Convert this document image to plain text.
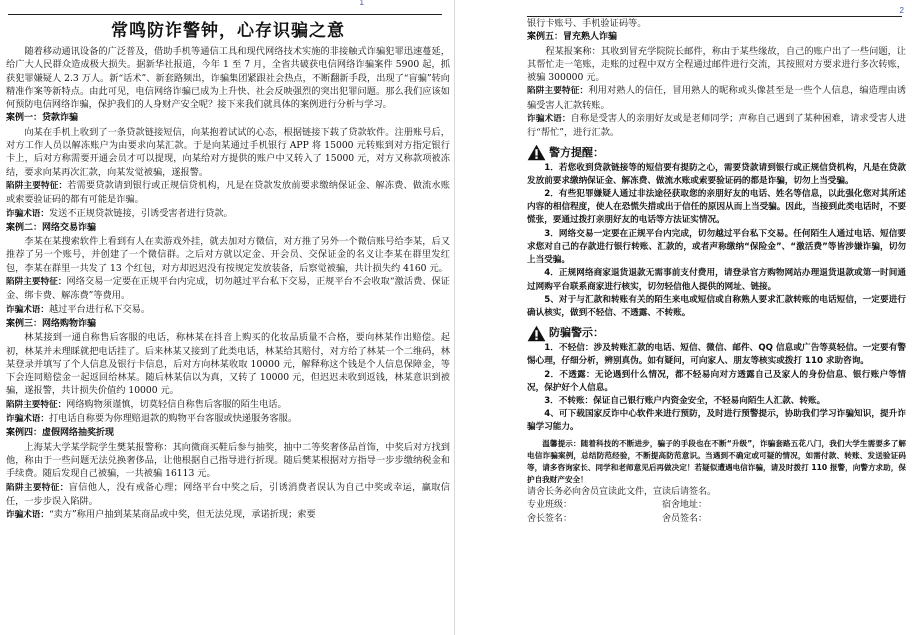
1
常鸣防诈警钟，心存识骗之意

随着移动通讯设备的广泛普及，借助手机等通信工具和现代网络技术实施的非接触式诈骗犯罪迅速蔓延，给广大人民群众造成极大损失。据新华社报道，今年 1 至 7 月，全省共破获电信网络诈骗案件 5900 起，抓获犯罪嫌疑人 2.3 万人。新“话术”、新套路频出，诈骗集团紧跟社会热点，不断翻新手段，出现了“盲骗”转向精准作案等新特点。由此可见，电信网络诈骗已成为上升快、社会反映强烈的突出犯罪问题。那么我们应该如何预防电信网络诈骗，保护我们的人身财产安全呢？接下来我们就具体的案例进行分析与学习。

案例一：贷款诈骗

向某在手机上收到了一条贷款链接短信，向某抱着试试的心态，根据链接下载了贷款软件。注册账号后，对方工作人员以解冻账户为由要求向某汇款。于是向某通过手机银行 APP 将 15000 元转账到对方指定银行卡上，后对方称需要开通会员才可以提现，向某给对方提供的账户中又转入了 15000 元，对方又称款项被冻结，要求向某再次汇款，向某发觉被骗，遂报警。

陷阱主要特征：若需要贷款请到银行或正规信贷机构，凡是在贷款发放前要求缴纳保证金、解冻费、做流水账或索要验证码的都有可能是诈骗。

诈骗术语：发送不正规贷款链接，引诱受害者进行贷款。

案例二：网络交易诈骗

李某在某搜索软件上看到有人在卖游戏外挂，就去加对方微信，对方推了另外一个微信账号给李某，后又推荐了另一个账号，并创建了一个微信群。之后对方就以定金、开会员、交保证金的名义让李某在群里发红包，李某在群里一共发了 13 个红包，对方却迟迟没有按规定发放装备，后察觉被骗，共计损失约 4160 元。

陷阱主要特征：网络交易一定要在正规平台内完成，切勿越过平台私下交易，正规平台不会收取“激活费、保证金、绑卡费、解冻费”等费用。

诈骗术语：越过平台进行私下交易。

案例三：网络购物诈骗

林某接到一通自称售后客服的电话，称林某在抖音上购买的化妆品质量不合格，要向林某作出赔偿。起初，林某并未理睬就把电话挂了。后来林某又接到了此类电话，林某给其赔付，对方给了林某一个二维码，林某登录并填写了个人信息及银行卡信息，后对方向林某收取 10000 元，解释称这个钱是个人信息保障金，等下会连同赔偿金一起返回给林某。随后林某信以为真，又转了 10000 元，但迟迟未收到返钱，林某意识到被骗，遂报警，共计损失价值约 10000 元。

陷阱主要特征：网络购物须谨慎，切莫轻信自称售后客服的陌生电话。

诈骗术语：打电话自称要为你理赔退款的购物平台客服或快递服务客服。

案例四：虚假网络抽奖折现

上海某大学某学院学生樊某报警称：其向微商买鞋后参与抽奖，抽中二等奖奢侈品首饰，中奖后对方找到他，称由于一些问题无法兑换奢侈品，让他根据自己指导进行折现。随后樊某根据对方指导一步步缴纳税金和手续费。随后发现自己被骗，一共被骗 16113 元。

陷阱主要特征：盲信他人，没有戒备心理；网络平台中奖之后，引诱消费者误认为自己中奖或幸运，赢取信任，一步步误入陷阱。

诈骗术语：“卖方”称用户抽到某某商品或中奖，但无法兑现，承诺折现；索要

2

银行卡账号、手机验证码等。

案例五：冒充熟人诈骗

程某报案称：其收到冒充学院院长邮件，称由于某些缘故，自己的账户出了一些问题，让其帮忙走一笔账，走账的过程中双方全程通过邮件进行交流，其按照对方要求进行多次转账，被骗 300000 元。

陷阱主要特征：利用对熟人的信任，冒用熟人的昵称或头像甚至是一些个人信息，编造理由诱骗受害人汇款转账。

诈骗术语：自称是受害人的亲朋好友或是老师同学；声称自己遇到了某种困难，请求受害人进行“帮忙”，进行汇款。

警方提醒：

1．若您收到贷款链接等的短信要有提防之心，需要贷款请到银行或正规信贷机构，凡是在贷款发放前要求缴纳保证金、解冻费、做流水账或索要验证码的都是诈骗，切勿上当受骗。

2．有些犯罪嫌疑人通过非法途径获取您的亲朋好友的电话、姓名等信息，以此强化您对其所述内容的相信程度，使人在恐慌失措或出于信任的原因从而上当受骗。因此，当接到此类电话时，不要慌张，要通过拨打亲朋好友的电话等方法证实情况。

3．网络交易一定要在正规平台内完成，切勿越过平台私下交易。任何陌生人通过电话、短信要求您对自己的存款进行银行转账、汇款的，或者声称缴纳“保险金”、“激活费”等皆涉嫌诈骗，切勿上当受骗。

4．正规网络商家退货退款无需事前支付费用，请登录官方购物网站办理退货退款或第一时间通过网购平台联系商家进行核实，切勿轻信他人提供的网址、链接。

5、对于与汇款和转账有关的陌生来电或短信或自称熟人要求汇款转账的电话短信，一定要进行确认核实，做到不轻信、不透露、不转账。

防骗警示：

1．不轻信：涉及转账汇款的电话、短信、微信、邮件、QQ 信息或广告等莫轻信。一定要有警惕心理，仔细分析，辨别真伪。如有疑问，可向家人、朋友等核实或拨打 110 求助咨询。

2．不透露：无论遇到什么情况，都不轻易向对方透露自己及家人的身份信息、银行账户等情况，保护好个人信息。

3．不转账：保证自己银行账户内资金安全，不轻易向陌生人汇款、转账。

4、可下载国家反诈中心软件来进行预防，及时进行预警提示，协助我们学习诈骗知识，提升诈骗学习能力。

温馨提示：随着科技的不断进步，骗子的手段也在不断“升级”，诈骗套路五花八门，我们大学生需要多了解电信诈骗案例，总结防范经验，不断提高防范意识。当遇到不确定或可疑的情况，如需付款、转账、发送验证码等，请多咨询家长、同学和老师意见后再做决定！若疑似遭遇电信诈骗，请及时拨打 110 报警，向警方求助，保护自我财产安全！

请舍长务必向舍员宣读此文件，宣读后请签名。

专业班级：	宿舍地址：
舍长签名：	舍员签名：
